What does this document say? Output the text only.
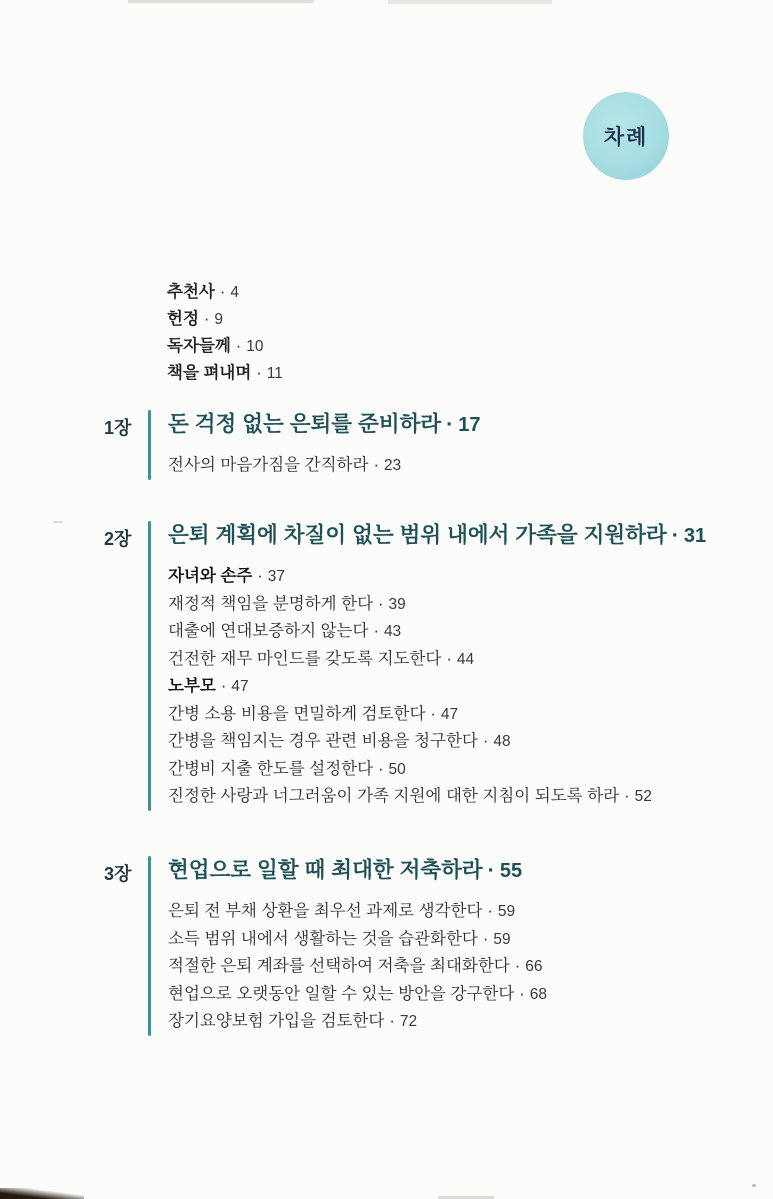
차례
추천사 · 4
헌정 · 9
독자들께 · 10
책을 펴내며 · 11
1장	돈 걱정 없는 은퇴를 준비하라 · 17
전사의 마음가짐을 간직하라 · 23
2장	은퇴 계획에 차질이 없는 범위 내에서 가족을 지원하라 · 31
자녀와 손주 · 37
재정적 책임을 분명하게 한다 · 39
대출에 연대보증하지 않는다 · 43
건전한 재무 마인드를 갖도록 지도한다 · 44
노부모 · 47
간병 소용 비용을 면밀하게 검토한다 · 47
간병을 책임지는 경우 관련 비용을 청구한다 · 48
간병비 지출 한도를 설정한다 · 50
진정한 사랑과 너그러움이 가족 지원에 대한 지침이 되도록 하라 · 52
3장	현업으로 일할 때 최대한 저축하라 · 55
은퇴 전 부채 상환을 최우선 과제로 생각한다 · 59
소득 범위 내에서 생활하는 것을 습관화한다 · 59
적절한 은퇴 계좌를 선택하여 저축을 최대화한다 · 66
현업으로 오랫동안 일할 수 있는 방안을 강구한다 · 68
장기요양보험 가입을 검토한다 · 72
